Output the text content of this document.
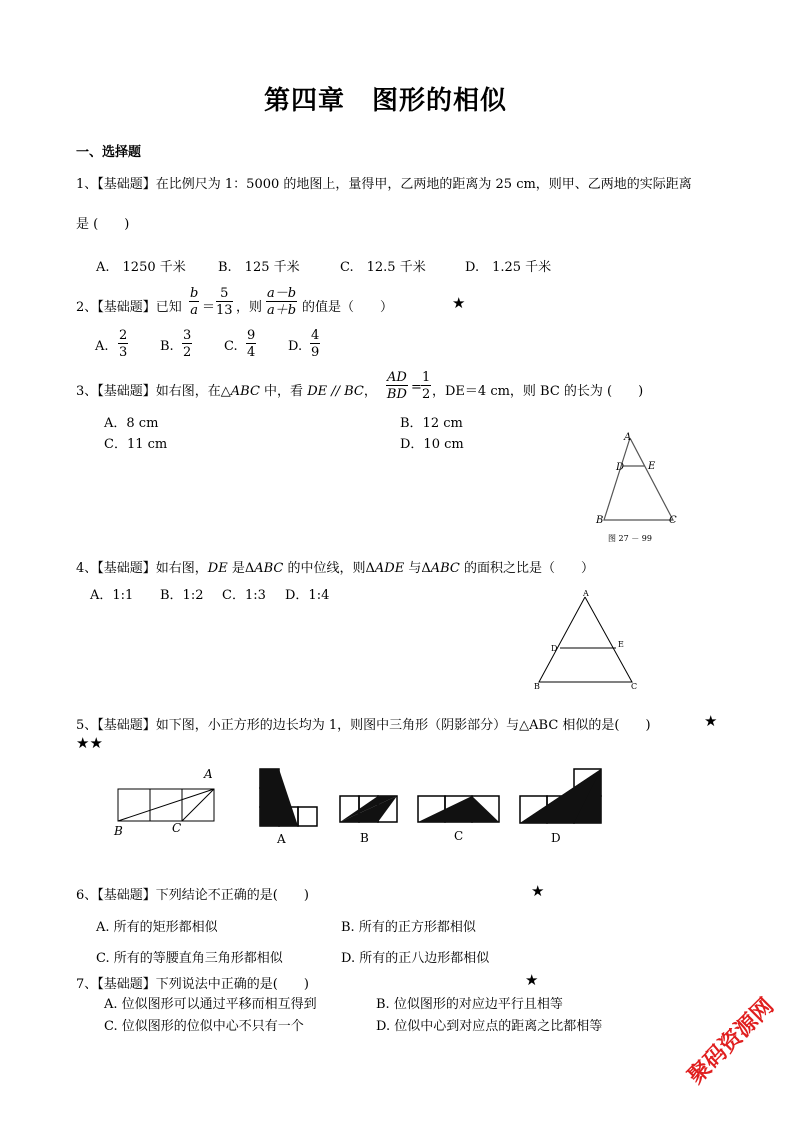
第四章　图形的相似
一、选择题
1、【基础题】在比例尺为 1：5000 的地图上，量得甲，乙两地的距离为 25 cm，则甲、乙两地的实际距离
是 (　　)
A.　1250 千米 B.　125 千米	C.　12.5 千米	D.　1.25 千米
2、【基础题】已知 $\frac{b}{a} = \frac{5}{13}$ ，则 $\frac{a-b}{a+b}$ 的值是（　　）	★
A. $\frac{2}{3} B$. $\frac{3}{2} C$. $\frac{9}{4} D$. $\frac{4}{9}$
3、【基础题】如右图，在△ABC 中，看 DE // BC， $\frac{AD}{BD} = \frac{1}{2}$ ，DE＝4 cm，则 BC 的长为 (　　)
A．8 cm	B．12 cm
C．11 cm	D．10 cm	A
D E
B	C
图 27 － 99
4、【基础题】如右图，DE 是ΔABC 的中位线，则ΔADE 与ΔABC 的面积之比是（　　）
A．1:1 B．1:2 C．1:3 D．1:4	A
D	E
B	C
5、【基础题】如下图，小正方形的边长均为 1，则图中三角形（阴影部分）与△ABC 相似的是(　　)	★
★★
A
B	C
A	B	C	D
6、【基础题】下列结论不正确的是(　　)	★
A. 所有的矩形都相似	B. 所有的正方形都相似
C. 所有的等腰直角三角形都相似	D. 所有的正八边形都相似
7、【基础题】下列说法中正确的是(　　)	★
A. 位似图形可以通过平移而相互得到	B. 位似图形的对应边平行且相等
C. 位似图形的位似中心不只有一个	D. 位似中心到对应点的距离之比都相等	聚码资源网
